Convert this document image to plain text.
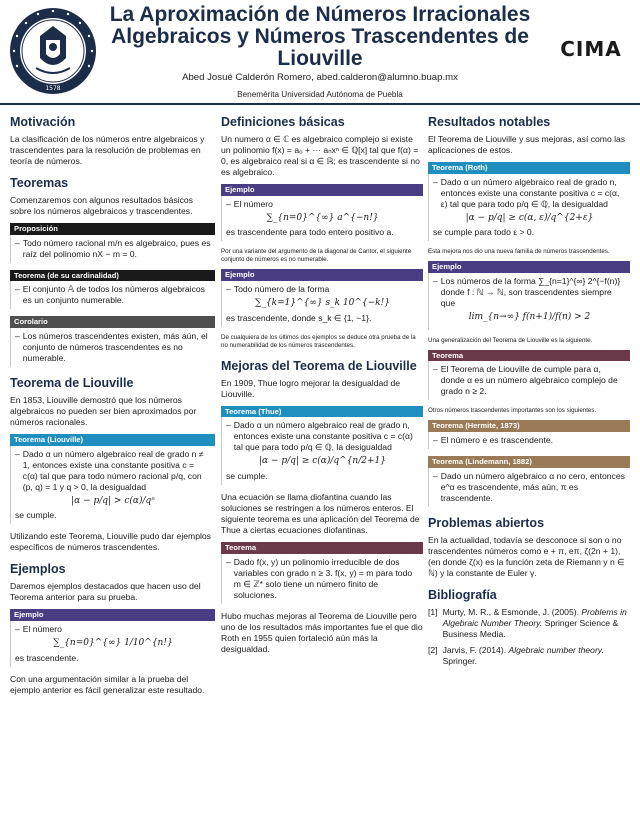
1578
La Aproximación de Números Irracionales
Algebraicos y Números Trascendentes de
Liouville
Abed Josué Calderón Romero, abed.calderon@alumno.buap.mx
Benemérita Universidad Autónoma de Puebla
CIMA
Motivación
La clasificación de los números entre algebraicos y trascendentes para la resolución de problemas en teoría de números.
Teoremas
Comenzaremos con algunos resultados básicos sobre los números algebraicos y trascendentes.
Proposición
– Todo número racional m/n es algebraico, pues es raíz del polinomio nX − m = 0.
Teorema (de su cardinalidad)
– El conjunto 𝔸 de todos los números algebraicos es un conjunto numerable.
Corolario
– Los números trascendentes existen, más aún, el conjunto de números trascendentes es no numerable.
Teorema de Liouville
En 1853, Liouville demostró que los números algebraicos no pueden ser bien aproximados por números racionales.
Teorema (Liouville)
– Dado α un número algebraico real de grado n ≠ 1, entonces existe una constante positiva c = c(α) tal que para todo número racional p/q, con (p, q) = 1 y q > 0, la desigualdad
|α − p/q| > c(α)/qⁿ
se cumple.
Utilizando este Teorema, Liouville pudo dar ejemplos específicos de números trascendentes.
Ejemplos
Daremos ejemplos destacados que hacen uso del Teorema anterior para su prueba.
Ejemplo
– El número
∑_{n=0}^{∞} 1/10^{n!}
es trascendente.
Con una argumentación similar a la prueba del ejemplo anterior es fácil generalizar este resultado.
Definiciones básicas
Un numero α ∈ ℂ es algebraico complejo si existe un polinomio f(x) = a₀ + ··· aₙxⁿ ∈ ℚ[x] tal que f(α) = 0, es algebraico real si α ∈ ℝ; es trascendente si no es algebraico.
Ejemplo
– El número
∑_{n=0}^{∞} a^{−n!}
es trascendente para todo entero positivo a.
Por una variante del argumento de la diagonal de Cantor, el siguiente conjunto de números es no numerable.
Ejemplo
– Todo número de la forma
∑_{k=1}^{∞} s_k 10^{−k!}
es trascendente, donde s_k ∈ {1, −1}.
De cualquiera de los últimos dos ejemplos se deduce otra prueba de la no numerabilidad de los números trascendentes.
Mejoras del Teorema de Liouville
En 1909, Thue logro mejorar la desigualdad de Liouville.
Teorema (Thue)
– Dado α un número algebraico real de grado n, entonces existe una constante positiva c = c(α) tal que para todo p/q ∈ ℚ, la desigualdad
|α − p/q| ≥ c(α)/q^{n/2+1}
se cumple.
Una ecuación se llama diofantina cuando las soluciones se restringen a los números enteros. El siguiente teorema es una aplicación del Teorema de Thue a ciertas ecuaciones diofantinas.
Teorema
– Dado f(x, y) un polinomio irreducible de dos variables con grado n ≥ 3. f(x, y) = m para todo m ∈ ℤ* solo tiene un número finito de soluciones.
Hubo muchas mejoras al Teorema de Liouville pero uno de los resultados más importantes fue el que dio Roth en 1955 quien fortaleció aún más la desigualdad.
Resultados notables
El Teorema de Liouville y sus mejoras, así como las aplicaciones de estos.
Teorema (Roth)
– Dado α un número algebraico real de grado n, entonces existe una constante positiva c = c(α, ε) tal que para todo p/q ∈ ℚ, la desigualdad
|α − p/q| ≥ c(α, ε)/q^{2+ε}
se cumple para todo ε > 0.
Esta mejora nos dio una nueva familia de números trascendentes.
Ejemplo
– Los números de la forma ∑_{n=1}^{∞} 2^{−f(n)} donde f : ℕ → ℕ, son trascendentes siempre que
lim_{n→∞} f(n+1)/f(n) > 2
Una generalización del Teorema de Liouville es la siguiente.
Teorema
– El Teorema de Liouville de cumple para α, donde α es un número algebraico complejo de grado n ≥ 2.
Otros números trascendentes importantes son los siguientes.
Teorema (Hermite, 1873)
– El número e es trascendente.
Teorema (Lindemann, 1882)
– Dado un número algebraico α no cero, entonces e^α es trascendente, más aún, π es trascendente.
Problemas abiertos
En la actualidad, todavía se desconoce si son o no trascendentes números como e + π, eπ, ζ(2n + 1), (en donde ζ(x) es la función zeta de Riemann y n ∈ ℕ) y la constante de Euler γ.
Bibliografía
[1] Murty, M. R., & Esmonde, J. (2005). Problems in Algebraic Number Theory. Springer Science & Business Media.
[2] Jarvis, F. (2014). Algebraic number theory. Springer.
